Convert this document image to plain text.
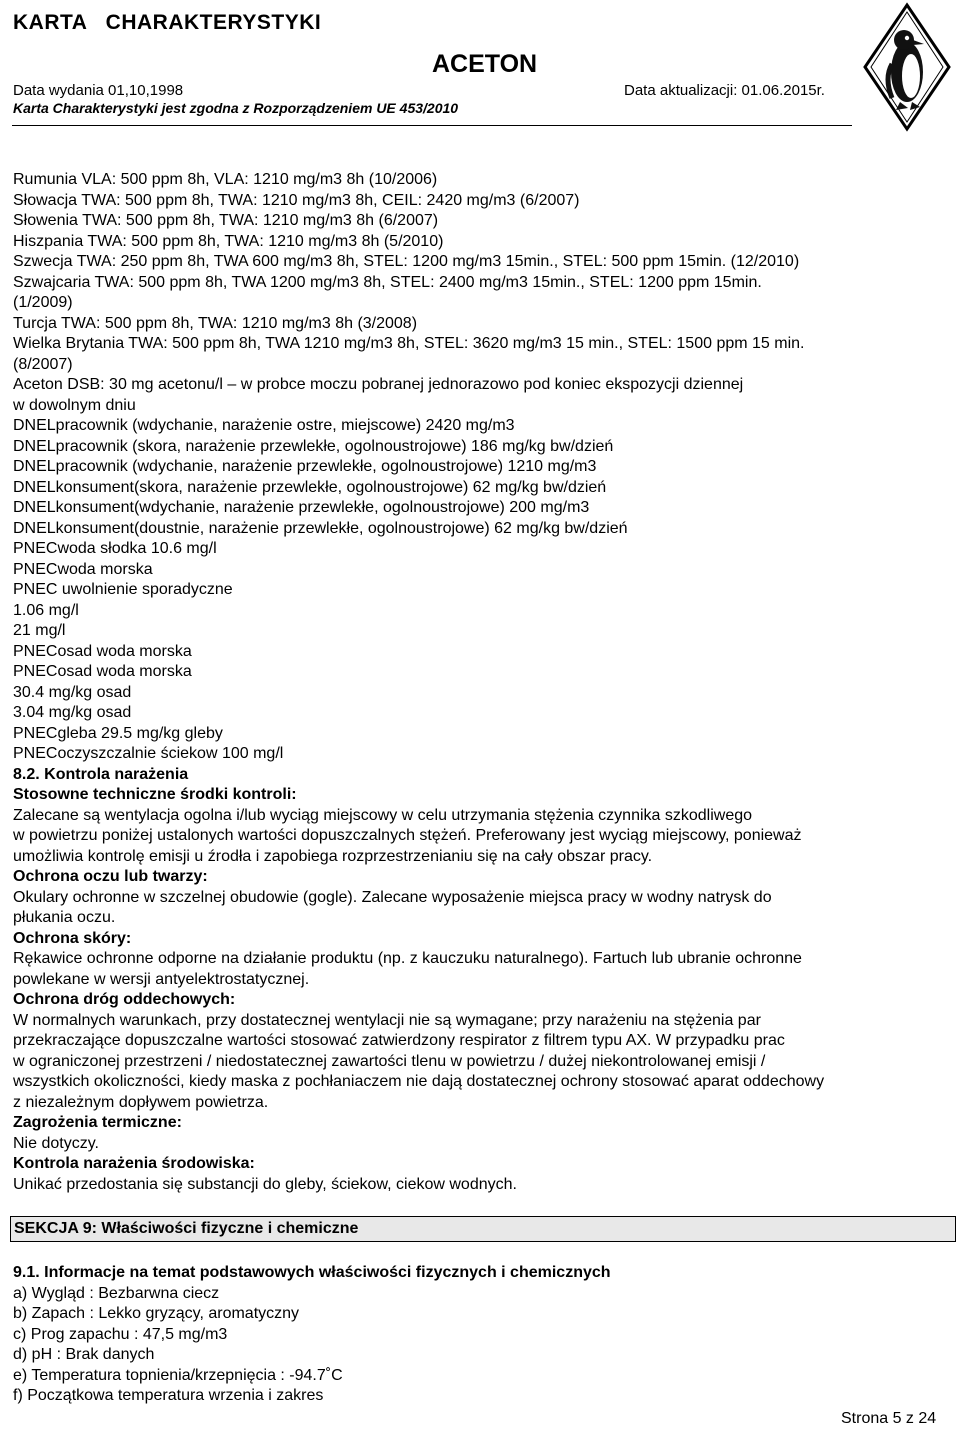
KARTA   CHARAKTERYSTYKI
ACETON
Data wydania 01,10,1998	Data aktualizacji: 01.06.2015r.
Karta Charakterystyki jest zgodna z Rozporządzeniem UE 453/2010
Rumunia VLA: 500 ppm 8h, VLA: 1210 mg/m3 8h (10/2006)
Słowacja TWA: 500 ppm 8h, TWA: 1210 mg/m3 8h, CEIL: 2420 mg/m3 (6/2007)
Słowenia TWA: 500 ppm 8h, TWA: 1210 mg/m3 8h (6/2007)
Hiszpania TWA: 500 ppm 8h, TWA: 1210 mg/m3 8h (5/2010)
Szwecja TWA: 250 ppm 8h, TWA 600 mg/m3 8h, STEL: 1200 mg/m3 15min., STEL: 500 ppm 15min. (12/2010)
Szwajcaria TWA: 500 ppm 8h, TWA 1200 mg/m3 8h, STEL: 2400 mg/m3 15min., STEL: 1200 ppm 15min.
(1/2009)
Turcja TWA: 500 ppm 8h, TWA: 1210 mg/m3 8h (3/2008)
Wielka Brytania TWA: 500 ppm 8h, TWA 1210 mg/m3 8h, STEL: 3620 mg/m3 15 min., STEL: 1500 ppm 15 min.
(8/2007)
Aceton DSB: 30 mg acetonu/l – w probce moczu pobranej jednorazowo pod koniec ekspozycji dziennej
w dowolnym dniu
DNELpracownik (wdychanie, narażenie ostre, miejscowe) 2420 mg/m3
DNELpracownik (skora, narażenie przewlekłe, ogolnoustrojowe) 186 mg/kg bw/dzień
DNELpracownik (wdychanie, narażenie przewlekłe, ogolnoustrojowe) 1210 mg/m3
DNELkonsument(skora, narażenie przewlekłe, ogolnoustrojowe) 62 mg/kg bw/dzień
DNELkonsument(wdychanie, narażenie przewlekłe, ogolnoustrojowe) 200 mg/m3
DNELkonsument(doustnie, narażenie przewlekłe, ogolnoustrojowe) 62 mg/kg bw/dzień
PNECwoda słodka 10.6 mg/l
PNECwoda morska
PNEC uwolnienie sporadyczne
1.06 mg/l
21 mg/l
PNECosad woda morska
PNECosad woda morska
30.4 mg/kg osad
3.04 mg/kg osad
PNECgleba 29.5 mg/kg gleby
PNECoczyszczalnie ściekow 100 mg/l
8.2. Kontrola narażenia
Stosowne techniczne środki kontroli:
Zalecane są wentylacja ogolna i/lub wyciąg miejscowy w celu utrzymania stężenia czynnika szkodliwego
w powietrzu poniżej ustalonych wartości dopuszczalnych stężeń. Preferowany jest wyciąg miejscowy, ponieważ
umożliwia kontrolę emisji u źrodła i zapobiega rozprzestrzenianiu się na cały obszar pracy.
Ochrona oczu lub twarzy:
Okulary ochronne w szczelnej obudowie (gogle). Zalecane wyposażenie miejsca pracy w wodny natrysk do
płukania oczu.
Ochrona skóry:
Rękawice ochronne odporne na działanie produktu (np. z kauczuku naturalnego). Fartuch lub ubranie ochronne
powlekane w wersji antyelektrostatycznej.
Ochrona dróg oddechowych:
W normalnych warunkach, przy dostatecznej wentylacji nie są wymagane; przy narażeniu na stężenia par
przekraczające dopuszczalne wartości stosować zatwierdzony respirator z filtrem typu AX. W przypadku prac
w ograniczonej przestrzeni / niedostatecznej zawartości tlenu w powietrzu / dużej niekontrolowanej emisji /
wszystkich okoliczności, kiedy maska z pochłaniaczem nie dają dostatecznej ochrony stosować aparat oddechowy
z niezależnym dopływem powietrza.
Zagrożenia termiczne:
Nie dotyczy.
Kontrola narażenia środowiska:
Unikać przedostania się substancji do gleby, ściekow, ciekow wodnych.
SEKCJA 9: Właściwości fizyczne i chemiczne
9.1. Informacje na temat podstawowych właściwości fizycznych i chemicznych
a) Wygląd : Bezbarwna ciecz
b) Zapach : Lekko gryzący, aromatyczny
c) Prog zapachu : 47,5 mg/m3
d) pH : Brak danych
e) Temperatura topnienia/krzepnięcia : -94.7˚C
f) Początkowa temperatura wrzenia i zakres
Strona 5 z 24
